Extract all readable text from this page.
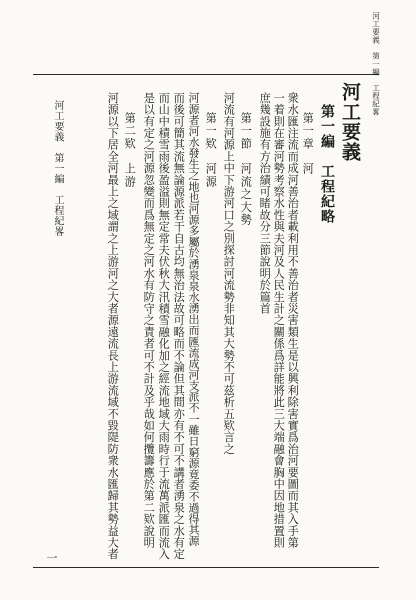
河工要義　第一編　工程紀畧
河工要義
第一編　工程紀略
第一章　河
衆水匯注流而成河善治者載利用不善治者災害類生是以興利除害實爲治河要圖而其入手第
一着則在審河勢考察水性與夫河及人民生計之關係爲詳能將此三大端融會胸中因地措置則
庶幾設施有方治績可睹故分三節說明於篇首
第一節　河流之大勢
河流有河源上中下游河口之別探討河流勢非知其大勢不可茲析五欵言之
第一欵　河源
河源者河水發生之地也河源多屬於湧泉泉水湧出而匯流成河支派不一雖日窮源竟委不過得其源
而後可簡其流無論源派若干自古均無治法故可略而不論但其間亦有不可不講者湧泉之水有定
而山中積雪雨後盈溢則無定常夫伏秋大汛積雪融化加之經流地域大雨時行于流萬派匯而流入
是以有定之河源忽變而爲無定之河水有防守之責者可不計及乎哉如何攬籌應於第二欵說明
第二欵　上游
河源以下居全河最上之域謂之上游河之大者源遠流長上游流域不毀隄防衆水匯歸其勢益大者
河工要義　第一編　工程紀畧
一
